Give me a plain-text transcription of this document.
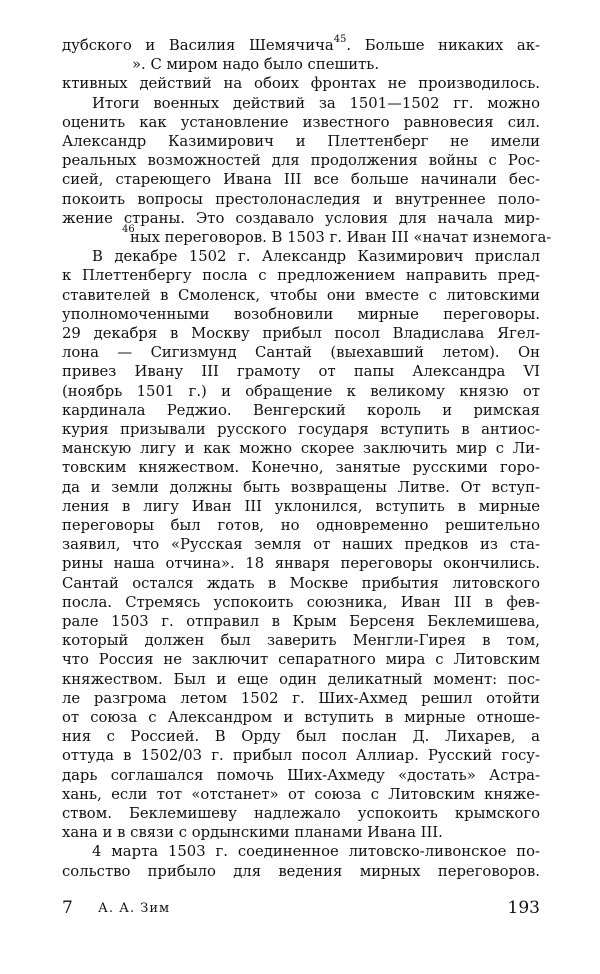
дубского и Василия Шемячича$^{45}$. Больше никаких ак-
ктивных действий на обоих фронтах не производилось.
Итоги военных действий за 1501—1502 гг. можно
оценить как установление известного равновесия сил.
Александр Казимирович и Плеттенберг не имели
реальных возможностей для продолжения войны с Рос-
сией, стареющего Ивана III все больше начинали бес-
покоить вопросы престолонаследия и внутреннее поло-
жение страны. Это создавало условия для начала мир-
ных переговоров. В 1503 г. Иван III «начат изнемога-
». С миром надо было спешить.
46
В декабре 1502 г. Александр Казимирович прислал
к Плеттенбергу посла с предложением направить пред-
ставителей в Смоленск, чтобы они вместе с литовскими
уполномоченными возобновили мирные переговоры.
29 декабря в Москву прибыл посол Владислава Ягел-
лона — Сигизмунд Сантай (выехавший летом). Он
привез Ивану III грамоту от папы Александра VI
(ноябрь 1501 г.) и обращение к великому князю от
кардинала Реджио. Венгерский король и римская
курия призывали русского государя вступить в антиос-
манскую лигу и как можно скорее заключить мир с Ли-
товским княжеством. Конечно, занятые русскими горо-
да и земли должны быть возвращены Литве. От вступ-
ления в лигу Иван III уклонился, вступить в мирные
переговоры был готов, но одновременно решительно
заявил, что «Русская земля от наших предков из ста-
рины наша отчина». 18 января переговоры окончились.
Сантай остался ждать в Москве прибытия литовского
посла. Стремясь успокоить союзника, Иван III в фев-
рале 1503 г. отправил в Крым Берсеня Беклемишева,
который должен был заверить Менгли-Гирея в том,
что Россия не заключит сепаратного мира с Литовским
княжеством. Был и еще один деликатный момент: пос-
ле разгрома летом 1502 г. Ших-Ахмед решил отойти
от союза с Александром и вступить в мирные отноше-
ния с Россией. В Орду был послан Д. Лихарев, а
оттуда в 1502/03 г. прибыл посол Аллиар. Русский госу-
дарь соглашался помочь Ших-Ахмеду «достать» Астра-
хань, если тот «отстанет» от союза с Литовским княже-
ством. Беклемишеву надлежало успокоить крымского
хана и в связи с ордынскими планами Ивана III.
4 марта 1503 г. соединенное литовско-ливонское по-
сольство прибыло для ведения мирных переговоров.
7 А. А. Зим	193
